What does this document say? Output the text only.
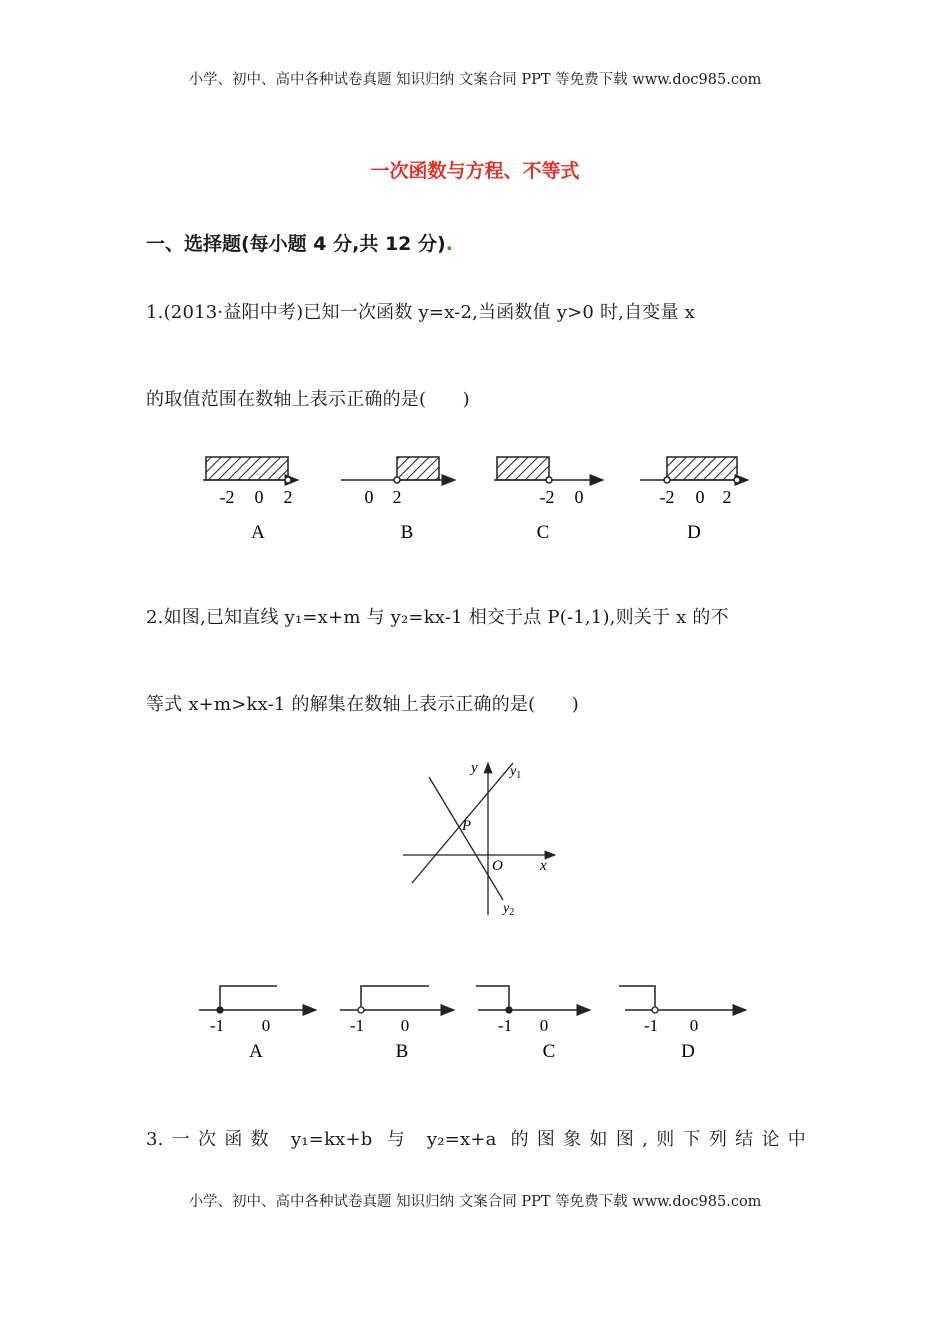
小学、初中、高中各种试卷真题 知识归纳 文案合同 PPT 等免费下载 www.doc985.com
一次函数与方程、不等式
一、选择题(每小题 4 分,共 12 分).
1.(2013·益阳中考)已知一次函数 y=x-2,当函数值 y>0 时,自变量 x
的取值范围在数轴上表示正确的是(　　)
-2 0 2
A
0 2
B
-2 0
C
-2 0 2
D
2.如图,已知直线 y₁=x+m 与 y₂=kx-1 相交于点 P(-1,1),则关于 x 的不
等式 x+m>kx-1 的解集在数轴上表示正确的是(　　)
y
x
O
P
$y_1$
$y_2$
-1 0
A
-1 0
B
-1 0
C
-1 0
D
3.一次函数 y₁=kx+b 与 y₂=x+a 的图象如图,则下列结论中
小学、初中、高中各种试卷真题 知识归纳 文案合同 PPT 等免费下载 www.doc985.com
